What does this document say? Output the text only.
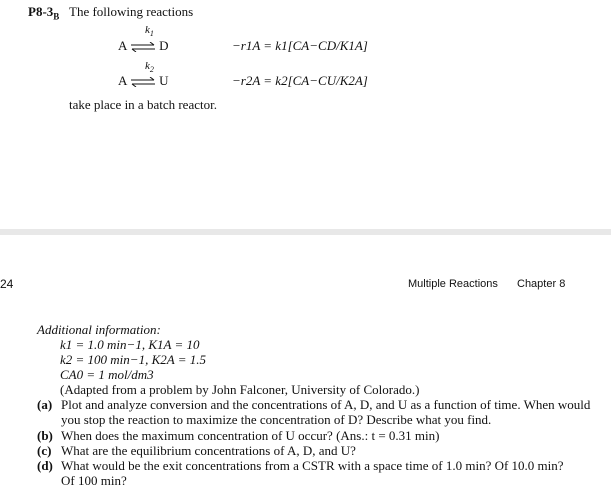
$P8-3_B$ The following reactions
$k_1$
A ⇌ D	−r1A = k1[CA−CD/K1A]
$k_2$
A ⇌ U	−r2A = k2[CA−CU/K2A]
take place in a batch reactor.
24	Multiple Reactions Chapter 8
Additional information:
k1 = 1.0 min−1, K1A = 10
k2 = 100 min−1, K2A = 1.5
CA0 = 1 mol/dm3
(Adapted from a problem by John Falconer, University of Colorado.)
(a) Plot and analyze conversion and the concentrations of A, D, and U as a function of time. When would
you stop the reaction to maximize the concentration of D? Describe what you find.
(b) When does the maximum concentration of U occur? (Ans.: t = 0.31 min)
(c) What are the equilibrium concentrations of A, D, and U?
(d) What would be the exit concentrations from a CSTR with a space time of 1.0 min? Of 10.0 min?
Of 100 min?
